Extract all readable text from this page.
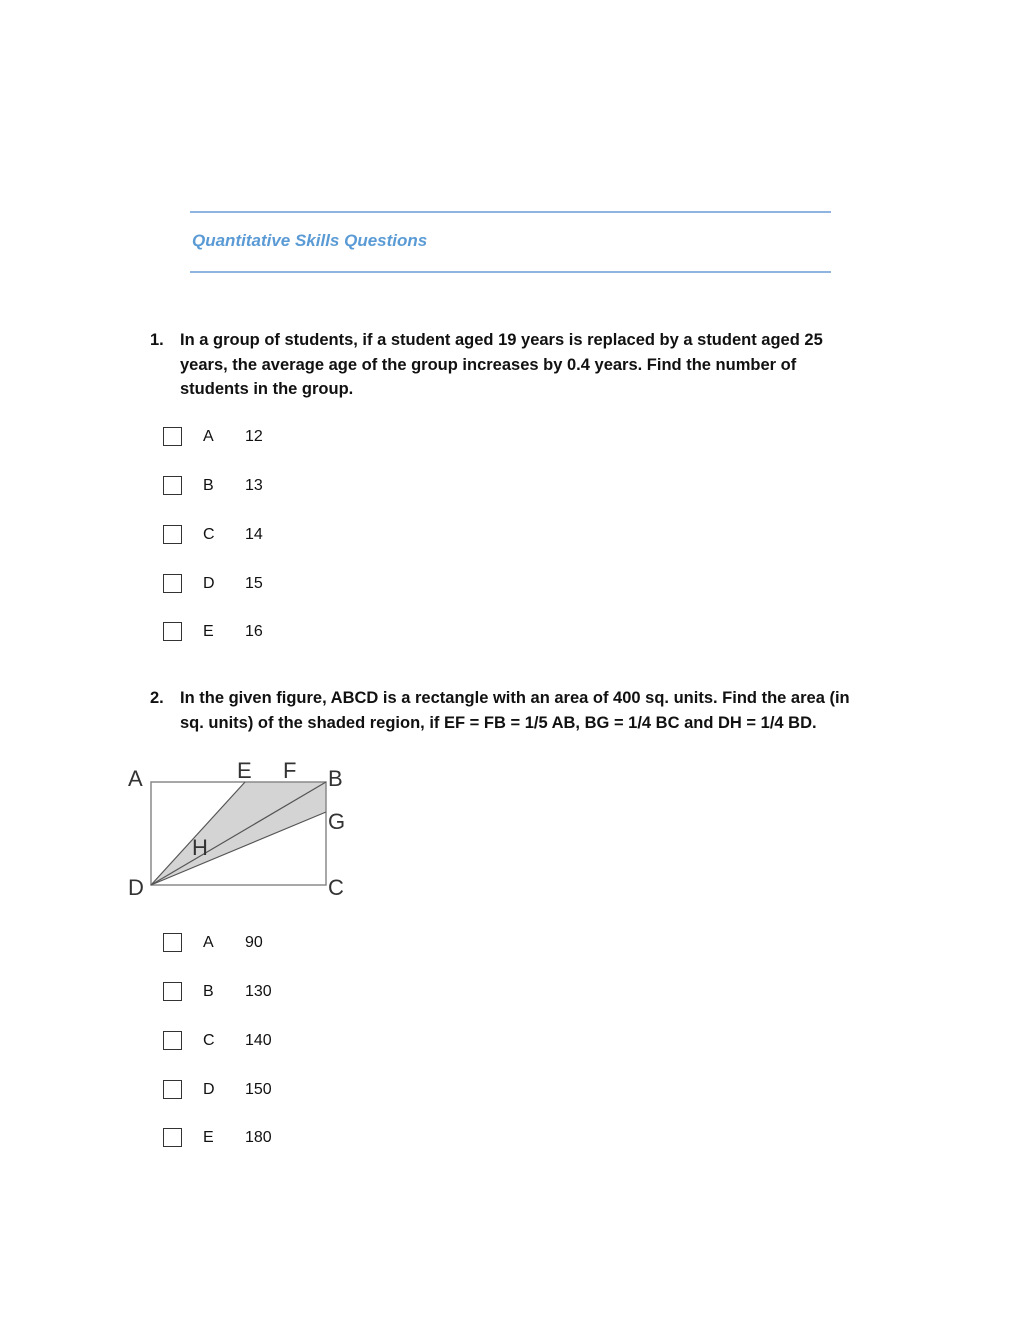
Quantitative Skills Questions
1. In a group of students, if a student aged 19 years is replaced by a student aged 25
years, the average age of the group increases by 0.4 years. Find the number of
students in the group.
A 12
B 13
C 14
D 15
E 16
2. In the given figure, ABCD is a rectangle with an area of 400 sq. units. Find the area (in
sq. units) of the shaded region, if EF = FB = 1/5 AB, BG = 1/4 BC and DH = 1/4 BD.
A	E F B
G
H
D	C
A 90
B 130
C 140
D 150
E 180
